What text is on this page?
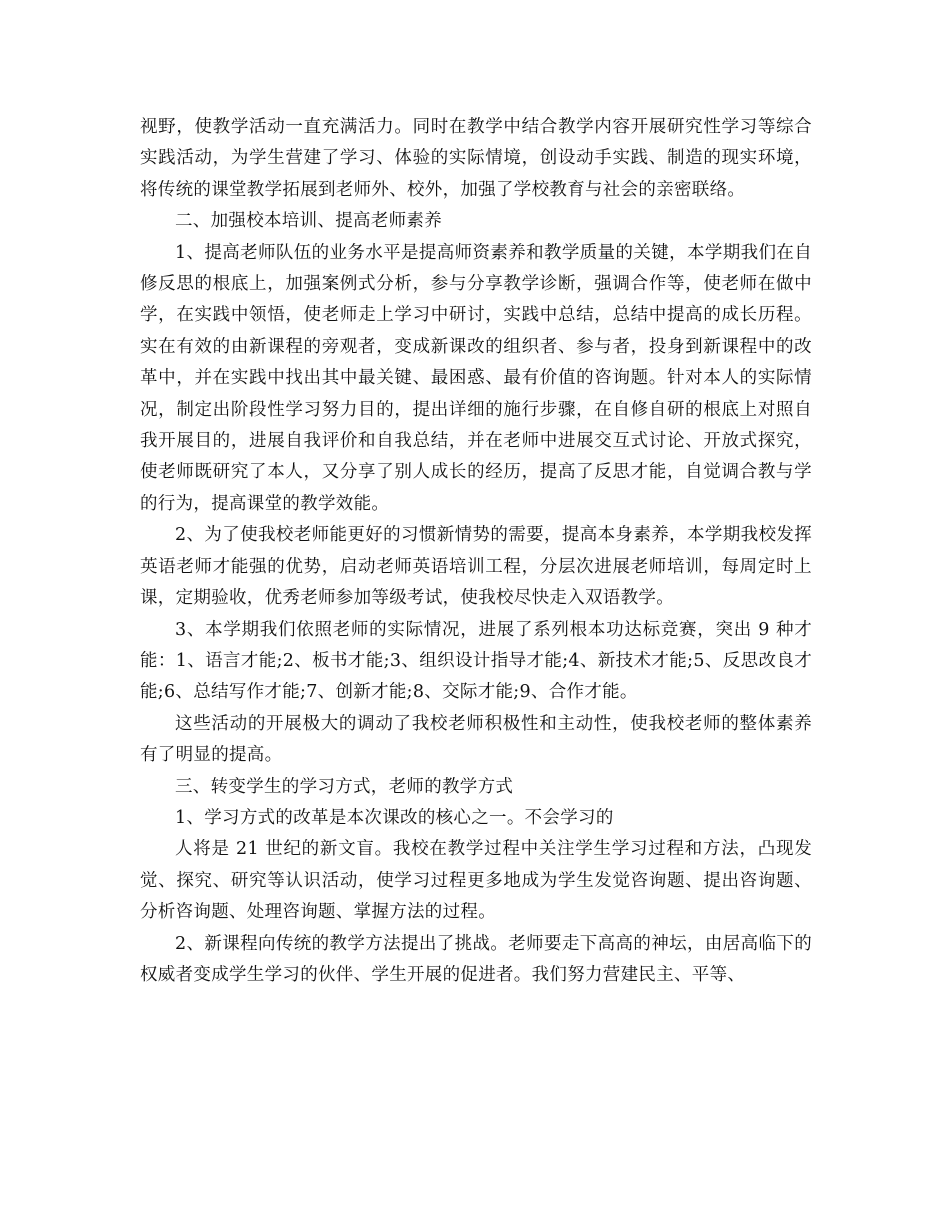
视野，使教学活动一直充满活力。同时在教学中结合教学内容开展研究性学习等综合实践活动，为学生营建了学习、体验的实际情境，创设动手实践、制造的现实环境，将传统的课堂教学拓展到老师外、校外，加强了学校教育与社会的亲密联络。

二、加强校本培训、提高老师素养

1、提高老师队伍的业务水平是提高师资素养和教学质量的关键，本学期我们在自修反思的根底上，加强案例式分析，参与分享教学诊断，强调合作等，使老师在做中学，在实践中领悟，使老师走上学习中研讨，实践中总结，总结中提高的成长历程。实在有效的由新课程的旁观者，变成新课改的组织者、参与者，投身到新课程中的改革中，并在实践中找出其中最关键、最困惑、最有价值的咨询题。针对本人的实际情况，制定出阶段性学习努力目的，提出详细的施行步骤，在自修自研的根底上对照自我开展目的，进展自我评价和自我总结，并在老师中进展交互式讨论、开放式探究，使老师既研究了本人，又分享了别人成长的经历，提高了反思才能，自觉调合教与学的行为，提高课堂的教学效能。

2、为了使我校老师能更好的习惯新情势的需要，提高本身素养，本学期我校发挥英语老师才能强的优势，启动老师英语培训工程，分层次进展老师培训，每周定时上课，定期验收，优秀老师参加等级考试，使我校尽快走入双语教学。

3、本学期我们依照老师的实际情况，进展了系列根本功达标竞赛，突出 9 种才能：1、语言才能;2、板书才能;3、组织设计指导才能;4、新技术才能;5、反思改良才能;6、总结写作才能;7、创新才能;8、交际才能;9、合作才能。

这些活动的开展极大的调动了我校老师积极性和主动性，使我校老师的整体素养有了明显的提高。

三、转变学生的学习方式，老师的教学方式

1、学习方式的改革是本次课改的核心之一。不会学习的

人将是 21 世纪的新文盲。我校在教学过程中关注学生学习过程和方法，凸现发觉、探究、研究等认识活动，使学习过程更多地成为学生发觉咨询题、提出咨询题、分析咨询题、处理咨询题、掌握方法的过程。

2、新课程向传统的教学方法提出了挑战。老师要走下高高的神坛，由居高临下的权威者变成学生学习的伙伴、学生开展的促进者。我们努力营建民主、平等、
